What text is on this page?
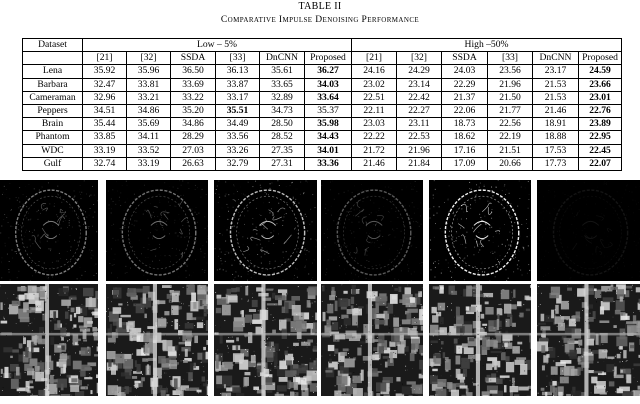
TABLE II
Comparative Impulse Denoising Performance
Dataset	Low – 5%						High –50%					
	[21]	[32]	SSDA	[33]	DnCNN	Proposed	[21]	[32]	SSDA	[33]	DnCNN	Proposed
Lena	35.92	35.96	36.50	36.13	35.61	36.27	24.16	24.29	24.03	23.56	23.17	24.59
Barbara	32.47	33.81	33.69	33.87	33.65	34.03	23.02	23.14	22.29	21.96	21.53	23.66
Cameraman	32.96	33.21	33.22	33.17	32.89	33.64	22.51	22.42	21.37	21.50	21.53	23.01
Peppers	34.51	34.86	35.20	35.51	34.73	35.37	22.11	22.27	22.06	21.77	21.46	22.76
Brain	35.44	35.69	34.86	34.49	28.50	35.98	23.03	23.11	18.73	22.56	18.91	23.89
Phantom	33.85	34.11	28.29	33.56	28.52	34.43	22.22	22.53	18.62	22.19	18.88	22.95
WDC	33.19	33.52	27.03	33.26	27.35	34.01	21.72	21.96	17.16	21.51	17.53	22.45
Gulf	32.74	33.19	26.63	32.79	27.31	33.36	21.46	21.84	17.09	20.66	17.73	22.07
